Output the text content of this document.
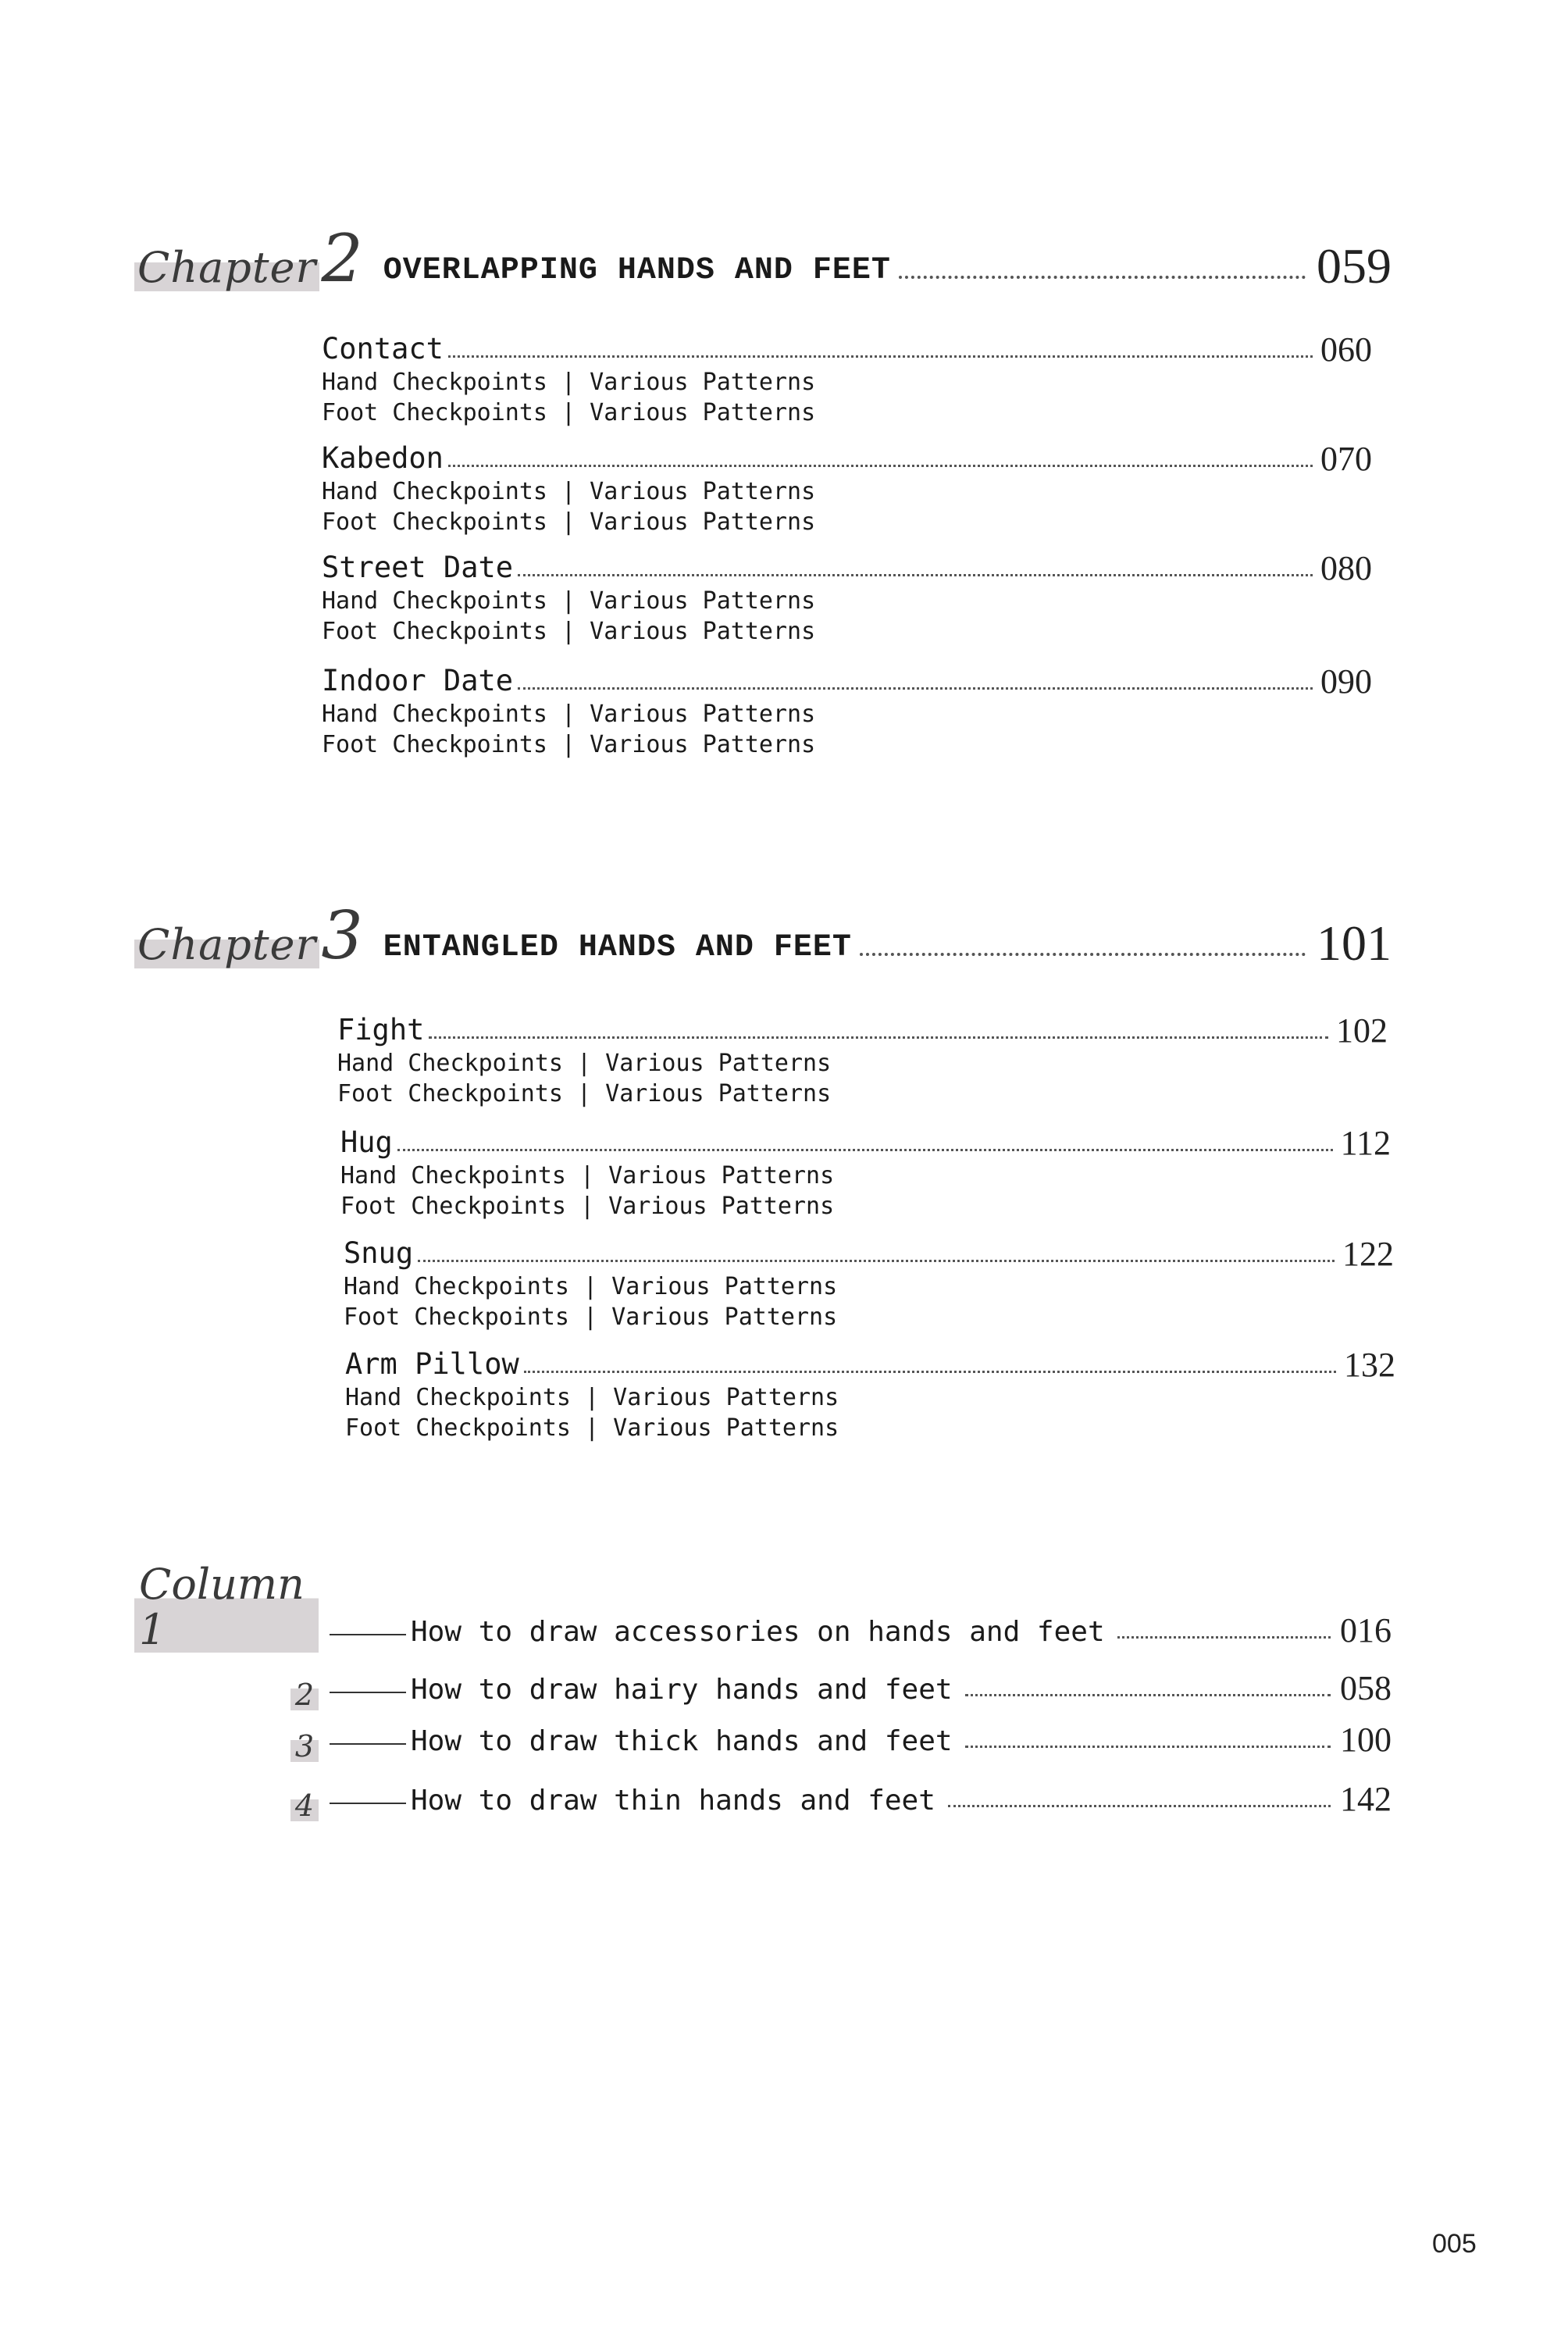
Chapter 2 OVERLAPPING HANDS AND FEET	059
Contact	060
Hand Checkpoints | Various Patterns
Foot Checkpoints | Various Patterns
Kabedon	070
Hand Checkpoints | Various Patterns
Foot Checkpoints | Various Patterns
Street Date	080
Hand Checkpoints | Various Patterns
Foot Checkpoints | Various Patterns
Indoor Date	090
Hand Checkpoints | Various Patterns
Foot Checkpoints | Various Patterns
Chapter 3 ENTANGLED HANDS AND FEET	101
Fight	102
Hand Checkpoints | Various Patterns
Foot Checkpoints | Various Patterns
Hug	112
Hand Checkpoints | Various Patterns
Foot Checkpoints | Various Patterns
Snug	122
Hand Checkpoints | Various Patterns
Foot Checkpoints | Various Patterns
Arm Pillow	132
Hand Checkpoints | Various Patterns
Foot Checkpoints | Various Patterns
Column 1	How to draw accessories on hands and feet	016
2	How to draw hairy hands and feet	058
3	How to draw thick hands and feet	100
4	How to draw thin hands and feet	142
005
